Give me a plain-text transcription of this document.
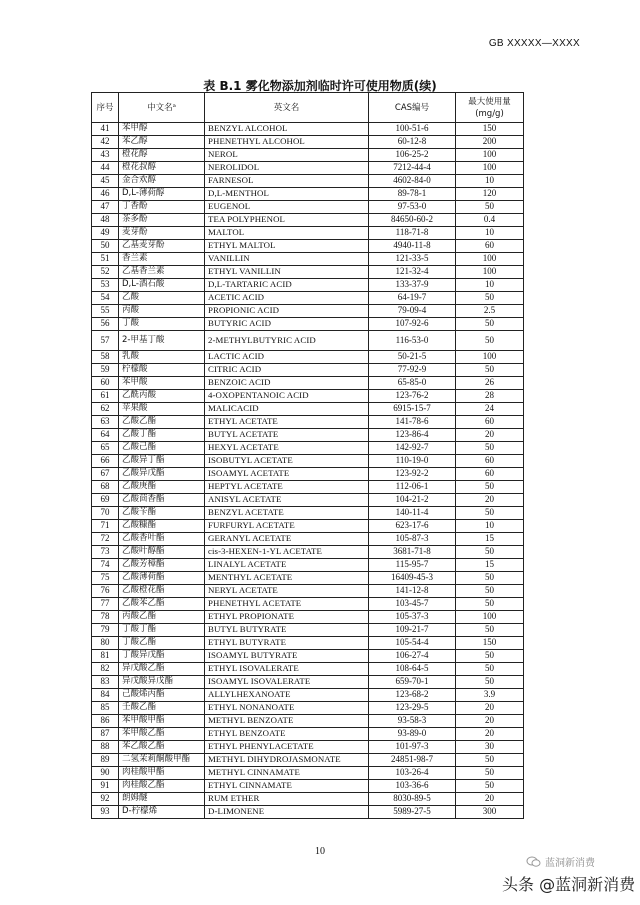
GB XXXXX—XXXX
表 B.1 雾化物添加剂临时许可使用物质(续)
序号	中文名ᵃ	英文名	CAS编号	最大使用量
(mg/g)
41	苯甲醇	BENZYL ALCOHOL	100-51-6	150
42	苯乙醇	PHENETHYL ALCOHOL	60-12-8	200
43	橙花醇	NEROL	106-25-2	100
44	橙花叔醇	NEROLIDOL	7212-44-4	100
45	金合欢醇	FARNESOL	4602-84-0	10
46	D,L-薄荷醇	D,L-MENTHOL	89-78-1	120
47	丁香酚	EUGENOL	97-53-0	50
48	茶多酚	TEA POLYPHENOL	84650-60-2	0.4
49	麦芽酚	MALTOL	118-71-8	10
50	乙基麦芽酚	ETHYL MALTOL	4940-11-8	60
51	香兰素	VANILLIN	121-33-5	100
52	乙基香兰素	ETHYL VANILLIN	121-32-4	100
53	D,L-酒石酸	D,L-TARTARIC ACID	133-37-9	10
54	乙酸	ACETIC ACID	64-19-7	50
55	丙酸	PROPIONIC ACID	79-09-4	2.5
56	丁酸	BUTYRIC ACID	107-92-6	50
57	2-甲基丁酸	2-METHYLBUTYRIC ACID	116-53-0	50
58	乳酸	LACTIC ACID	50-21-5	100
59	柠檬酸	CITRIC ACID	77-92-9	50
60	苯甲酸	BENZOIC ACID	65-85-0	26
61	乙酰丙酸	4-OXOPENTANOIC ACID	123-76-2	28
62	苹果酸	MALICACID	6915-15-7	24
63	乙酸乙酯	ETHYL ACETATE	141-78-6	60
64	乙酸丁酯	BUTYL ACETATE	123-86-4	20
65	乙酸己酯	HEXYL ACETATE	142-92-7	50
66	乙酸异丁酯	ISOBUTYL ACETATE	110-19-0	60
67	乙酸异戊酯	ISOAMYL ACETATE	123-92-2	60
68	乙酸庚酯	HEPTYL ACETATE	112-06-1	50
69	乙酸茴香酯	ANISYL ACETATE	104-21-2	20
70	乙酸苄酯	BENZYL ACETATE	140-11-4	50
71	乙酸糠酯	FURFURYL ACETATE	623-17-6	10
72	乙酸香叶酯	GERANYL ACETATE	105-87-3	15
73	乙酸叶醇酯	cis-3-HEXEN-1-YL ACETATE	3681-71-8	50
74	乙酸芳樟酯	LINALYL ACETATE	115-95-7	15
75	乙酸薄荷酯	MENTHYL ACETATE	16409-45-3	50
76	乙酸橙花酯	NERYL ACETATE	141-12-8	50
77	乙酸苯乙酯	PHENETHYL ACETATE	103-45-7	50
78	丙酸乙酯	ETHYL PROPIONATE	105-37-3	100
79	丁酸丁酯	BUTYL BUTYRATE	109-21-7	50
80	丁酸乙酯	ETHYL BUTYRATE	105-54-4	150
81	丁酸异戊酯	ISOAMYL BUTYRATE	106-27-4	50
82	异戊酸乙酯	ETHYL ISOVALERATE	108-64-5	50
83	异戊酸异戊酯	ISOAMYL ISOVALERATE	659-70-1	50
84	己酸烯丙酯	ALLYLHEXANOATE	123-68-2	3.9
85	壬酸乙酯	ETHYL NONANOATE	123-29-5	20
86	苯甲酸甲酯	METHYL BENZOATE	93-58-3	20
87	苯甲酸乙酯	ETHYL BENZOATE	93-89-0	20
88	苯乙酸乙酯	ETHYL PHENYLACETATE	101-97-3	30
89	二氢茉莉酮酸甲酯	METHYL DIHYDROJASMONATE	24851-98-7	50
90	肉桂酸甲酯	METHYL CINNAMATE	103-26-4	50
91	肉桂酸乙酯	ETHYL CINNAMATE	103-36-6	50
92	朗姆醚	RUM ETHER	8030-89-5	20
93	D-柠檬烯	D-LIMONENE	5989-27-5	300
10
蓝洞新消费
头条 @蓝洞新消费
